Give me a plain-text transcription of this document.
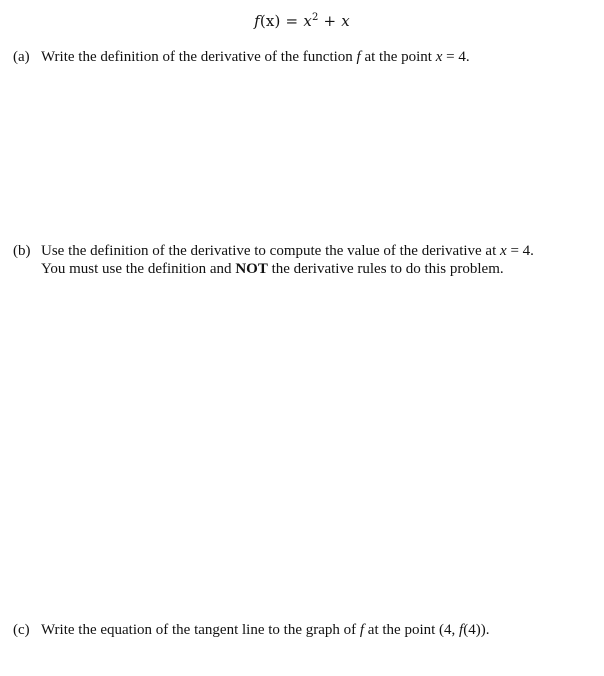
$f(x) = x^2 + x$
(a) Write the definition of the derivative of the function f at the point x = 4.
(b) Use the definition of the derivative to compute the value of the derivative at x = 4.
You must use the definition and NOT the derivative rules to do this problem.
(c) Write the equation of the tangent line to the graph of f at the point (4, f(4)).
